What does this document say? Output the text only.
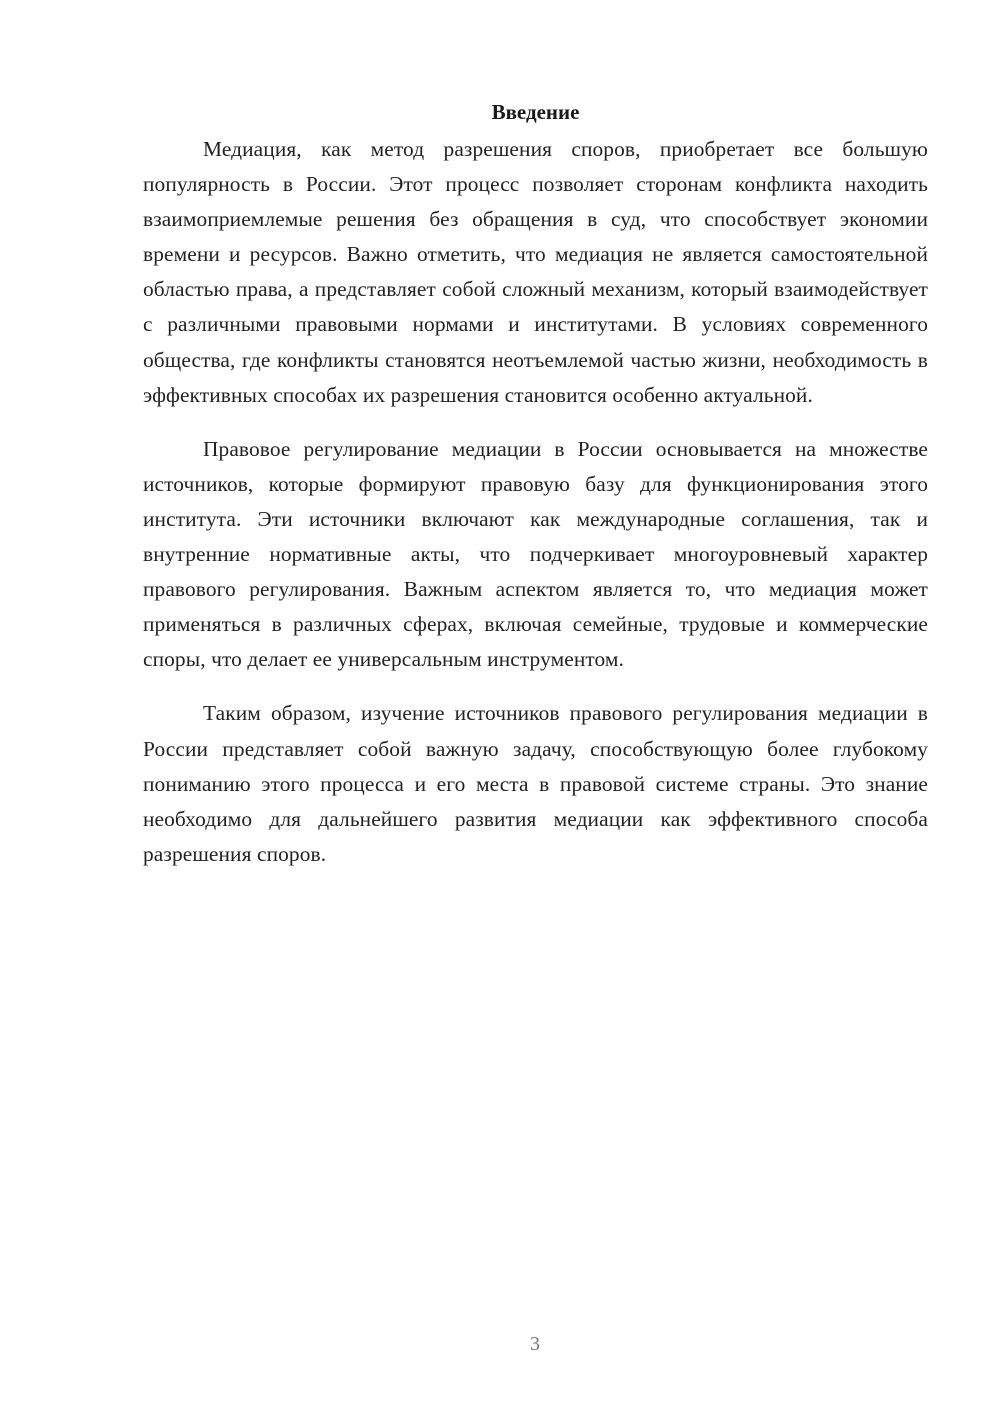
Введение

Медиация, как метод разрешения споров, приобретает все большую популярность в России. Этот процесс позволяет сторонам конфликта находить взаимоприемлемые решения без обращения в суд, что способствует экономии времени и ресурсов. Важно отметить, что медиация не является самостоятельной областью права, а представляет собой сложный механизм, который взаимодействует с различными правовыми нормами и институтами. В условиях современного общества, где конфликты становятся неотъемлемой частью жизни, необходимость в эффективных способах их разрешения становится особенно актуальной.

Правовое регулирование медиации в России основывается на множестве источников, которые формируют правовую базу для функционирования этого института. Эти источники включают как международные соглашения, так и внутренние нормативные акты, что подчеркивает многоуровневый характер правового регулирования. Важным аспектом является то, что медиация может применяться в различных сферах, включая семейные, трудовые и коммерческие споры, что делает ее универсальным инструментом.

Таким образом, изучение источников правового регулирования медиации в России представляет собой важную задачу, способствующую более глубокому пониманию этого процесса и его места в правовой системе страны. Это знание необходимо для дальнейшего развития медиации как эффективного способа разрешения споров.

3
